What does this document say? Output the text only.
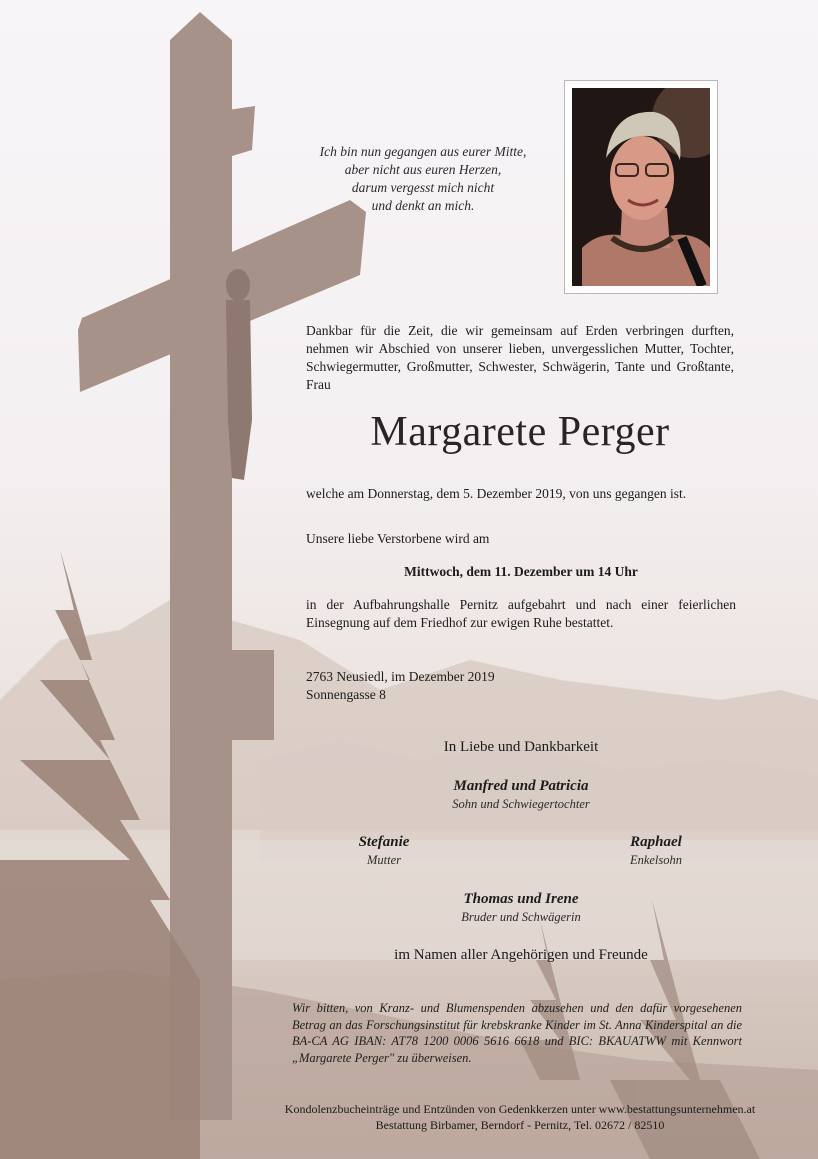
Ich bin nun gegangen aus eurer Mitte,
aber nicht aus euren Herzen,
darum vergesst mich nicht
und denkt an mich.

Dankbar für die Zeit, die wir gemeinsam auf Erden verbringen durften, nehmen wir Abschied von unserer lieben, unvergesslichen Mutter, Tochter, Schwiegermutter, Großmutter, Schwester, Schwägerin, Tante und Großtante, Frau

Margarete Perger

welche am Donnerstag, dem 5. Dezember 2019, von uns gegangen ist.

Unsere liebe Verstorbene wird am

Mittwoch, dem 11. Dezember um 14 Uhr

in der Aufbahrungshalle Pernitz aufgebahrt und nach einer feierlichen Einsegnung auf dem Friedhof zur ewigen Ruhe bestattet.

2763 Neusiedl, im Dezember 2019
Sonnengasse 8

In Liebe und Dankbarkeit

Manfred und Patricia
Sohn und Schwiegertochter
Stefanie
Mutter
Raphael
Enkelsohn
Thomas und Irene
Bruder und Schwägerin

im Namen aller Angehörigen und Freunde

Wir bitten, von Kranz- und Blumenspenden abzusehen und den dafür vorgesehenen Betrag an das Forschungsinstitut für krebskranke Kinder im St. Anna Kinderspital an die BA-CA AG IBAN: AT78 1200 0006 5616 6618 und BIC: BKAUATWW mit Kennwort „Margarete Perger" zu überweisen.

Kondolenzbucheinträge und Entzünden von Gedenkkerzen unter www.bestattungsunternehmen.at
Bestattung Birbamer, Berndorf - Pernitz, Tel. 02672 / 82510
